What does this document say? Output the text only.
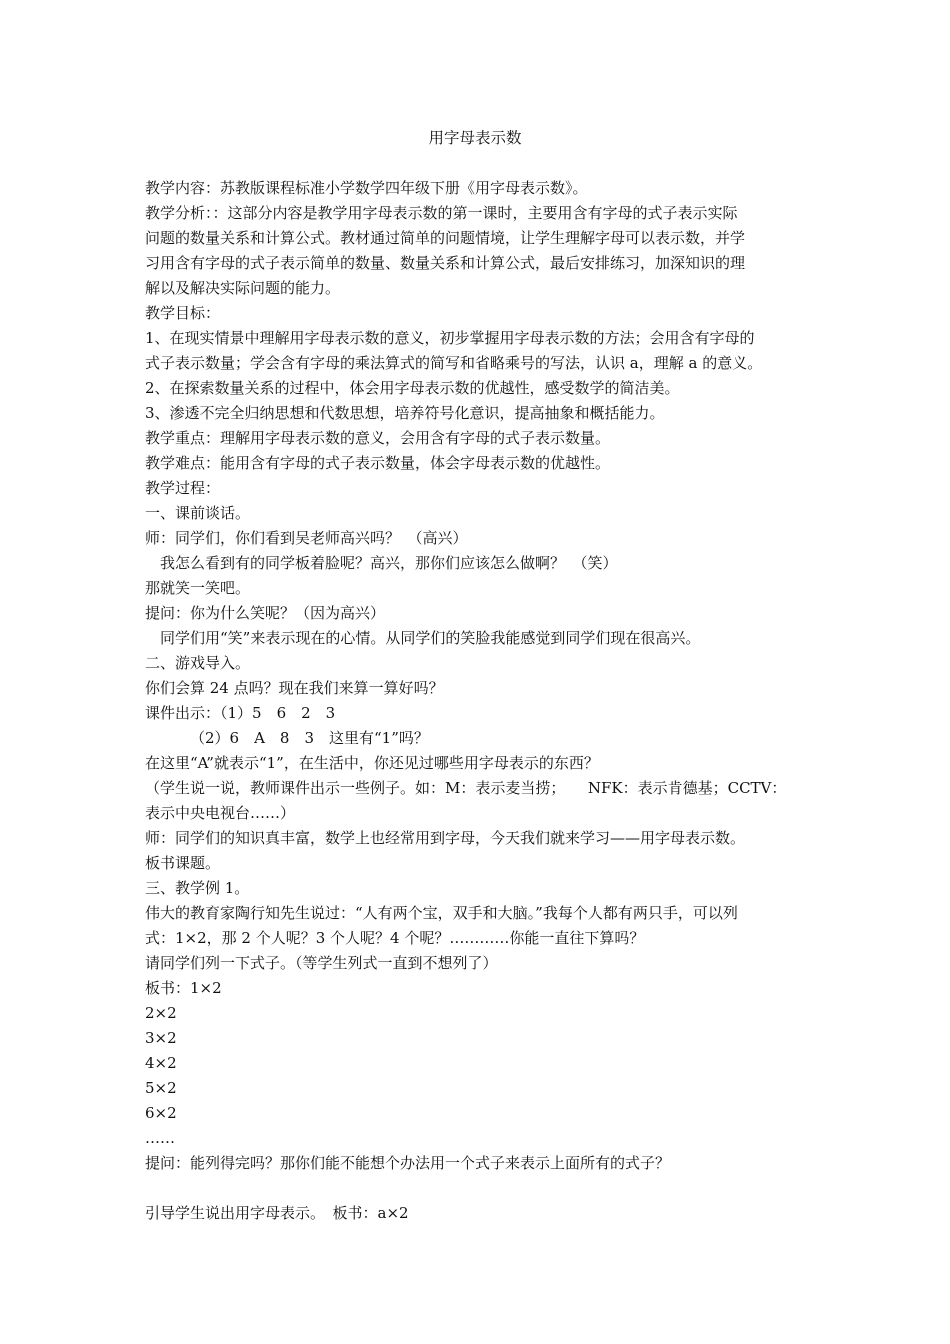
用字母表示数
教学内容：苏教版课程标准小学数学四年级下册《用字母表示数》。
教学分析：：这部分内容是教学用字母表示数的第一课时，主要用含有字母的式子表示实际
问题的数量关系和计算公式。教材通过简单的问题情境，让学生理解字母可以表示数，并学
习用含有字母的式子表示简单的数量、数量关系和计算公式，最后安排练习，加深知识的理
解以及解决实际问题的能力。
教学目标：
1、在现实情景中理解用字母表示数的意义，初步掌握用字母表示数的方法；会用含有字母的
式子表示数量；学会含有字母的乘法算式的简写和省略乘号的写法，认识 a，理解 a 的意义。
2、在探索数量关系的过程中，体会用字母表示数的优越性，感受数学的简洁美。
3、渗透不完全归纳思想和代数思想，培养符号化意识，提高抽象和概括能力。
教学重点：理解用字母表示数的意义，会用含有字母的式子表示数量。
教学难点：能用含有字母的式子表示数量，体会字母表示数的优越性。
教学过程：
一、课前谈话。
师：同学们，你们看到吴老师高兴吗？　（高兴）
我怎么看到有的同学板着脸呢？高兴，那你们应该怎么做啊？　（笑）
那就笑一笑吧。
提问：你为什么笑呢？（因为高兴）
同学们用“笑”来表示现在的心情。从同学们的笑脸我能感觉到同学们现在很高兴。
二、游戏导入。
你们会算 24 点吗？现在我们来算一算好吗？
课件出示：（1）5　6　2　3
（2）6　A　8　3　这里有“1”吗？
在这里“A”就表示“1”，在生活中，你还见过哪些用字母表示的东西？
（学生说一说，教师课件出示一些例子。如：M：表示麦当捞；　　NFK：表示肯德基；CCTV：
表示中央电视台……）
师：同学们的知识真丰富，数学上也经常用到字母，今天我们就来学习——用字母表示数。
板书课题。
三、教学例 1。
伟大的教育家陶行知先生说过：“人有两个宝，双手和大脑。”我每个人都有两只手，可以列
式：1×2，那 2 个人呢？3 个人呢？4 个呢？…………你能一直往下算吗？
请同学们列一下式子。（等学生列式一直到不想列了）
板书：1×2
2×2
3×2
4×2
5×2
6×2
……
提问：能列得完吗？那你们能不能想个办法用一个式子来表示上面所有的式子？
引导学生说出用字母表示。　板书：a×2
